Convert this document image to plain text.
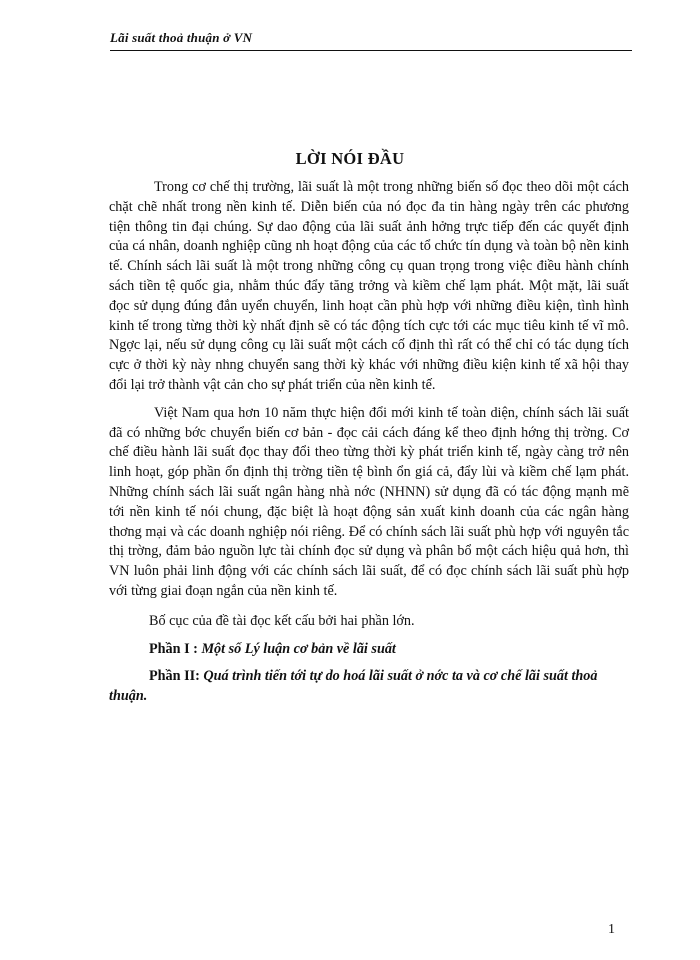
Lãi suất thoả thuận ở VN
LỜI NÓI ĐẦU

Trong cơ chế thị trường, lãi suất là một trong những biến số đọc theo dõi một cách chặt chẽ nhất trong nền kinh tế. Diễn biến của nó đọc đa tin hàng ngày trên các phương tiện thông tin đại chúng. Sự dao động của lãi suất ảnh hởng trực tiếp đến các quyết định của cá nhân, doanh nghiệp cũng nh hoạt động của các tổ chức tín dụng và toàn bộ nền kinh tế. Chính sách lãi suất là một trong những công cụ quan trọng trong việc điều hành chính sách tiền tệ quốc gia, nhằm thúc đẩy tăng trởng và kiềm chế lạm phát. Một mặt, lãi suất đọc sử dụng đúng đắn uyển chuyển, linh hoạt cần phù hợp với những điều kiện, tình hình kinh tế trong từng thời kỳ nhất định sẽ có tác động tích cực tới các mục tiêu kinh tế vĩ mô. Ngợc lại, nếu sử dụng công cụ lãi suất một cách cố định thì rất có thể chỉ có tác dụng tích cực ở thời kỳ này nhng chuyển sang thời kỳ khác với những điều kiện kinh tế xã hội thay đổi lại trở thành vật cản cho sự phát triển của nền kinh tế.

Việt Nam qua hơn 10 năm thực hiện đổi mới kinh tế toàn diện, chính sách lãi suất đã có những bớc chuyển biến cơ bản - đọc cải cách đáng kể theo định hớng thị trờng. Cơ chế điều hành lãi suất đọc thay đổi theo từng thời kỳ phát triển kinh tế, ngày càng trở nên linh hoạt, góp phần ổn định thị trờng tiền tệ bình ổn giá cả, đẩy lùi và kiềm chế lạm phát. Những chính sách lãi suất ngân hàng nhà nớc (NHNN) sử dụng đã có tác động mạnh mẽ tới nền kinh tế nói chung, đặc biệt là hoạt động sản xuất kinh doanh của các ngân hàng thơng mại và các doanh nghiệp nói riêng. Để có chính sách lãi suất phù hợp với nguyên tắc thị trờng, đảm bảo nguồn lực tài chính đọc sử dụng và phân bổ một cách hiệu quả hơn, thì VN luôn phải linh động với các chính sách lãi suất, để có đọc chính sách lãi suất phù hợp với từng giai đoạn ngắn của nền kinh tế.

Bố cục của đề tài đọc kết cấu bởi hai phần lớn.

Phần I : Một số Lý luận cơ bản về lãi suất

Phần II: Quá trình tiến tới tự do hoá lãi suất ở nớc ta và cơ chế lãi suất thoả thuận.

1
